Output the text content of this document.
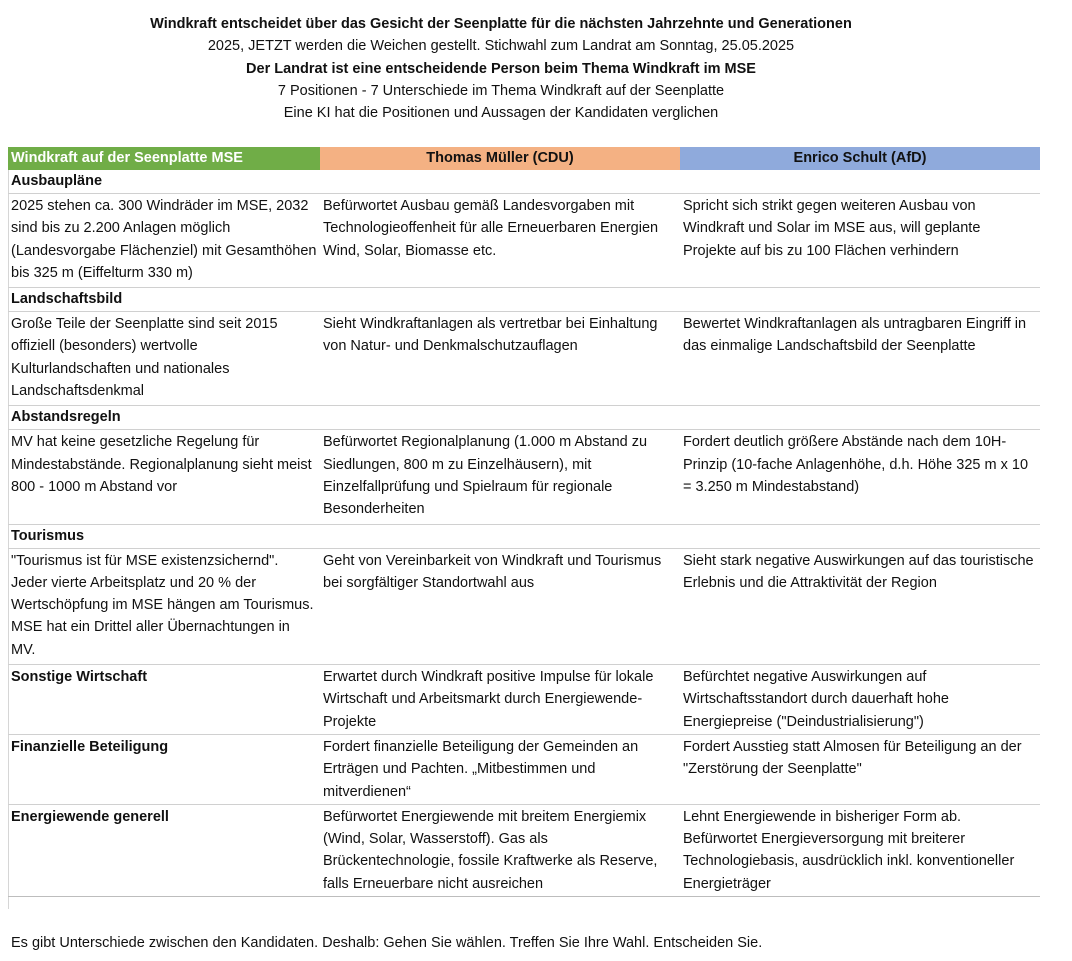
Windkraft entscheidet über das Gesicht der Seenplatte für die nächsten Jahrzehnte und Generationen
2025, JETZT werden die Weichen gestellt. Stichwahl zum Landrat am Sonntag, 25.05.2025
Der Landrat ist eine entscheidende Person beim Thema Windkraft im MSE
7 Positionen - 7 Unterschiede im Thema Windkraft auf der Seenplatte
Eine KI hat die Positionen und Aussagen der Kandidaten verglichen
Windkraft auf der Seenplatte MSE	Thomas Müller (CDU)	Enrico Schult (AfD)
Ausbaupläne		
2025 stehen ca. 300 Windräder im MSE, 2032 sind bis zu 2.200 Anlagen möglich (Landesvorgabe Flächenziel) mit Gesamthöhen bis 325 m (Eiffelturm 330 m)	Befürwortet Ausbau gemäß Landesvorgaben mit Technologieoffenheit für alle Erneuerbaren Energien Wind, Solar, Biomasse etc.	Spricht sich strikt gegen weiteren Ausbau von Windkraft und Solar im MSE aus, will geplante Projekte auf bis zu 100 Flächen verhindern
Landschaftsbild		
Große Teile der Seenplatte sind seit 2015 offiziell (besonders) wertvolle Kulturlandschaften und nationales Landschaftsdenkmal	Sieht Windkraftanlagen als vertretbar bei Einhaltung von Natur- und Denkmalschutzauflagen	Bewertet Windkraftanlagen als untragbaren Eingriff in das einmalige Landschaftsbild der Seenplatte
Abstandsregeln		
MV hat keine gesetzliche Regelung für Mindestabstände. Regionalplanung sieht meist 800 - 1000 m Abstand vor	Befürwortet Regionalplanung (1.000 m Abstand zu Siedlungen, 800 m zu Einzelhäusern), mit Einzelfallprüfung und Spielraum für regionale Besonderheiten	Fordert deutlich größere Abstände nach dem 10H-Prinzip (10-fache Anlagenhöhe, d.h. Höhe 325 m x 10 = 3.250 m Mindestabstand)
Tourismus		
"Tourismus ist für MSE existenzsichernd". Jeder vierte Arbeitsplatz und 20 % der Wertschöpfung im MSE hängen am Tourismus. MSE hat ein Drittel aller Übernachtungen in MV.	Geht von Vereinbarkeit von Windkraft und Tourismus bei sorgfältiger Standortwahl aus	Sieht stark negative Auswirkungen auf das touristische Erlebnis und die Attraktivität der Region
Sonstige Wirtschaft	Erwartet durch Windkraft positive Impulse für lokale Wirtschaft und Arbeitsmarkt durch Energiewende-Projekte	Befürchtet negative Auswirkungen auf Wirtschaftsstandort durch dauerhaft hohe Energiepreise ("Deindustrialisierung")
Finanzielle Beteiligung	Fordert finanzielle Beteiligung der Gemeinden an Erträgen und Pachten. „Mitbestimmen und mitverdienen“	Fordert Ausstieg statt Almosen für Beteiligung an der "Zerstörung der Seenplatte"
Energiewende generell	Befürwortet Energiewende mit breitem Energiemix (Wind, Solar, Wasserstoff). Gas als Brückentechnologie, fossile Kraftwerke als Reserve, falls Erneuerbare nicht ausreichen	Lehnt Energiewende in bisheriger Form ab. Befürwortet Energieversorgung mit breiterer Technologiebasis, ausdrücklich inkl. konventioneller Energieträger
Es gibt Unterschiede zwischen den Kandidaten. Deshalb: Gehen Sie wählen. Treffen Sie Ihre Wahl. Entscheiden Sie.
